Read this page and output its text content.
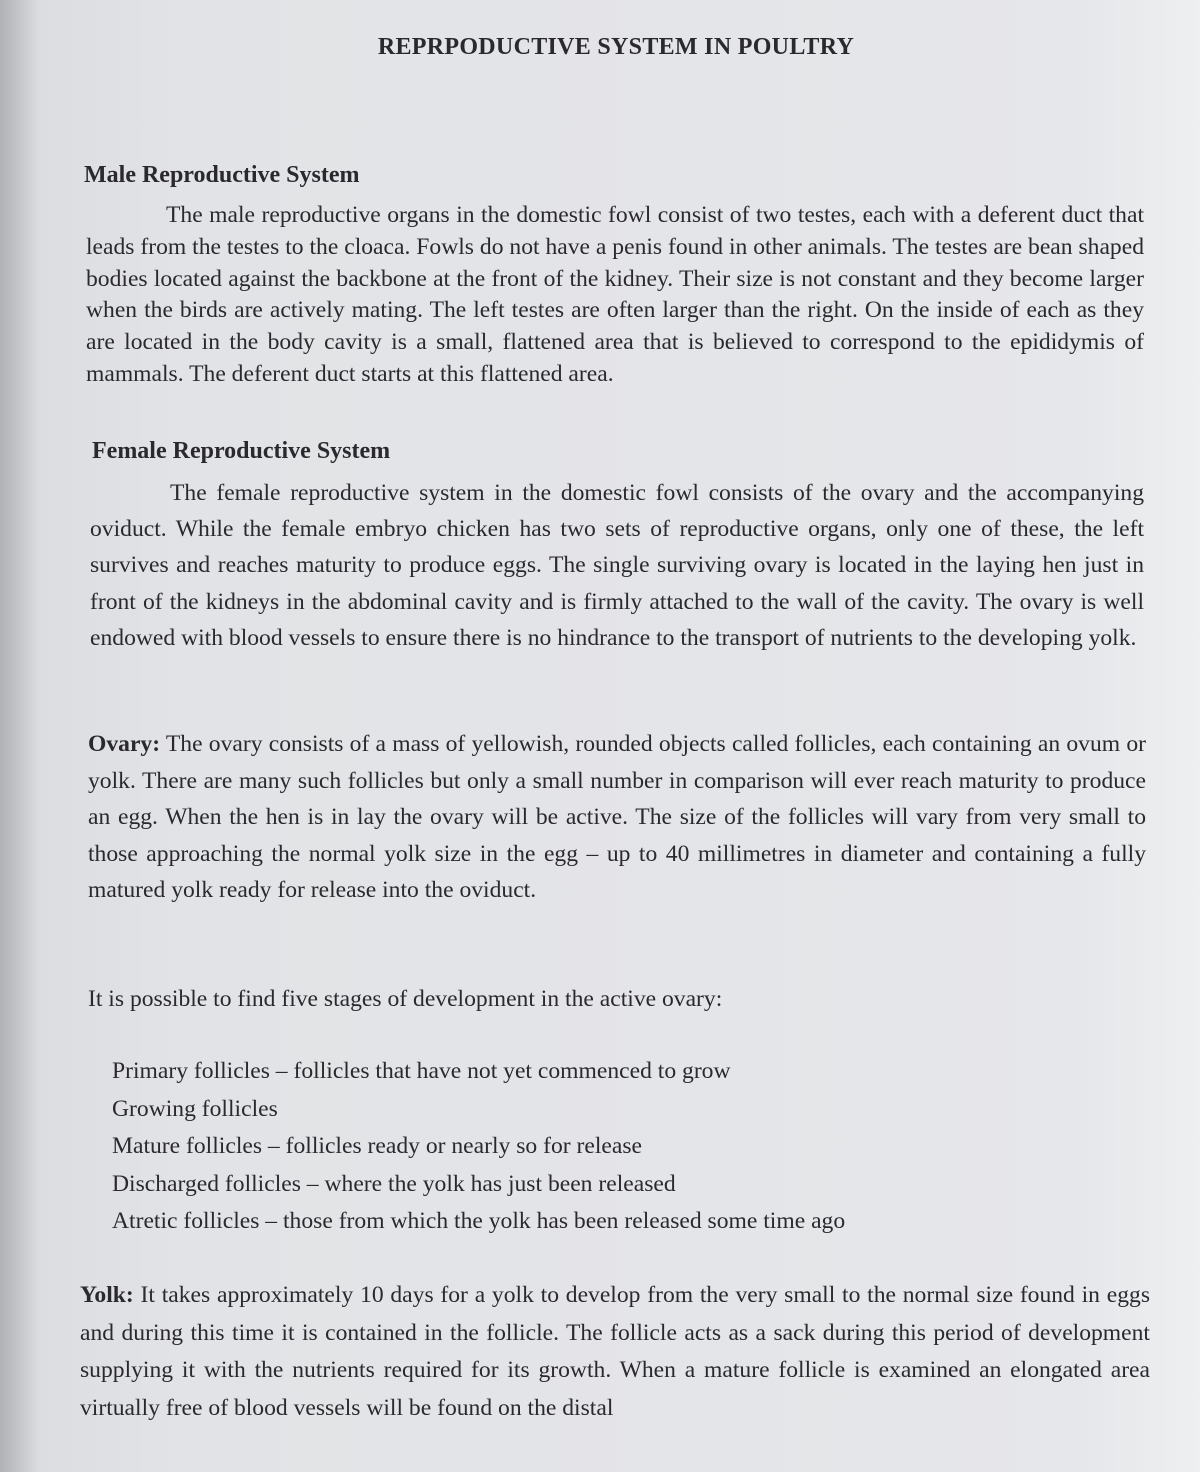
REPRPODUCTIVE SYSTEM IN POULTRY
Male Reproductive System

The male reproductive organs in the domestic fowl consist of two testes, each with a deferent duct that leads from the testes to the cloaca. Fowls do not have a penis found in other animals. The testes are bean shaped bodies located against the backbone at the front of the kidney. Their size is not constant and they become larger when the birds are actively mating. The left testes are often larger than the right. On the inside of each as they are located in the body cavity is a small, flattened area that is believed to correspond to the epididymis of mammals. The deferent duct starts at this flattened area.

Female Reproductive System

The female reproductive system in the domestic fowl consists of the ovary and the accompanying oviduct. While the female embryo chicken has two sets of reproductive organs, only one of these, the left survives and reaches maturity to produce eggs. The single surviving ovary is located in the laying hen just in front of the kidneys in the abdominal cavity and is firmly attached to the wall of the cavity. The ovary is well endowed with blood vessels to ensure there is no hindrance to the transport of nutrients to the developing yolk.

Ovary: The ovary consists of a mass of yellowish, rounded objects called follicles, each containing an ovum or yolk. There are many such follicles but only a small number in comparison will ever reach maturity to produce an egg. When the hen is in lay the ovary will be active. The size of the follicles will vary from very small to those approaching the normal yolk size in the egg – up to 40 millimetres in diameter and containing a fully matured yolk ready for release into the oviduct.

It is possible to find five stages of development in the active ovary:

Primary follicles – follicles that have not yet commenced to grow
Growing follicles
Mature follicles – follicles ready or nearly so for release
Discharged follicles – where the yolk has just been released
Atretic follicles – those from which the yolk has been released some time ago

Yolk: It takes approximately 10 days for a yolk to develop from the very small to the normal size found in eggs and during this time it is contained in the follicle. The follicle acts as a sack during this period of development supplying it with the nutrients required for its growth. When a mature follicle is examined an elongated area virtually free of blood vessels will be found on the distal
